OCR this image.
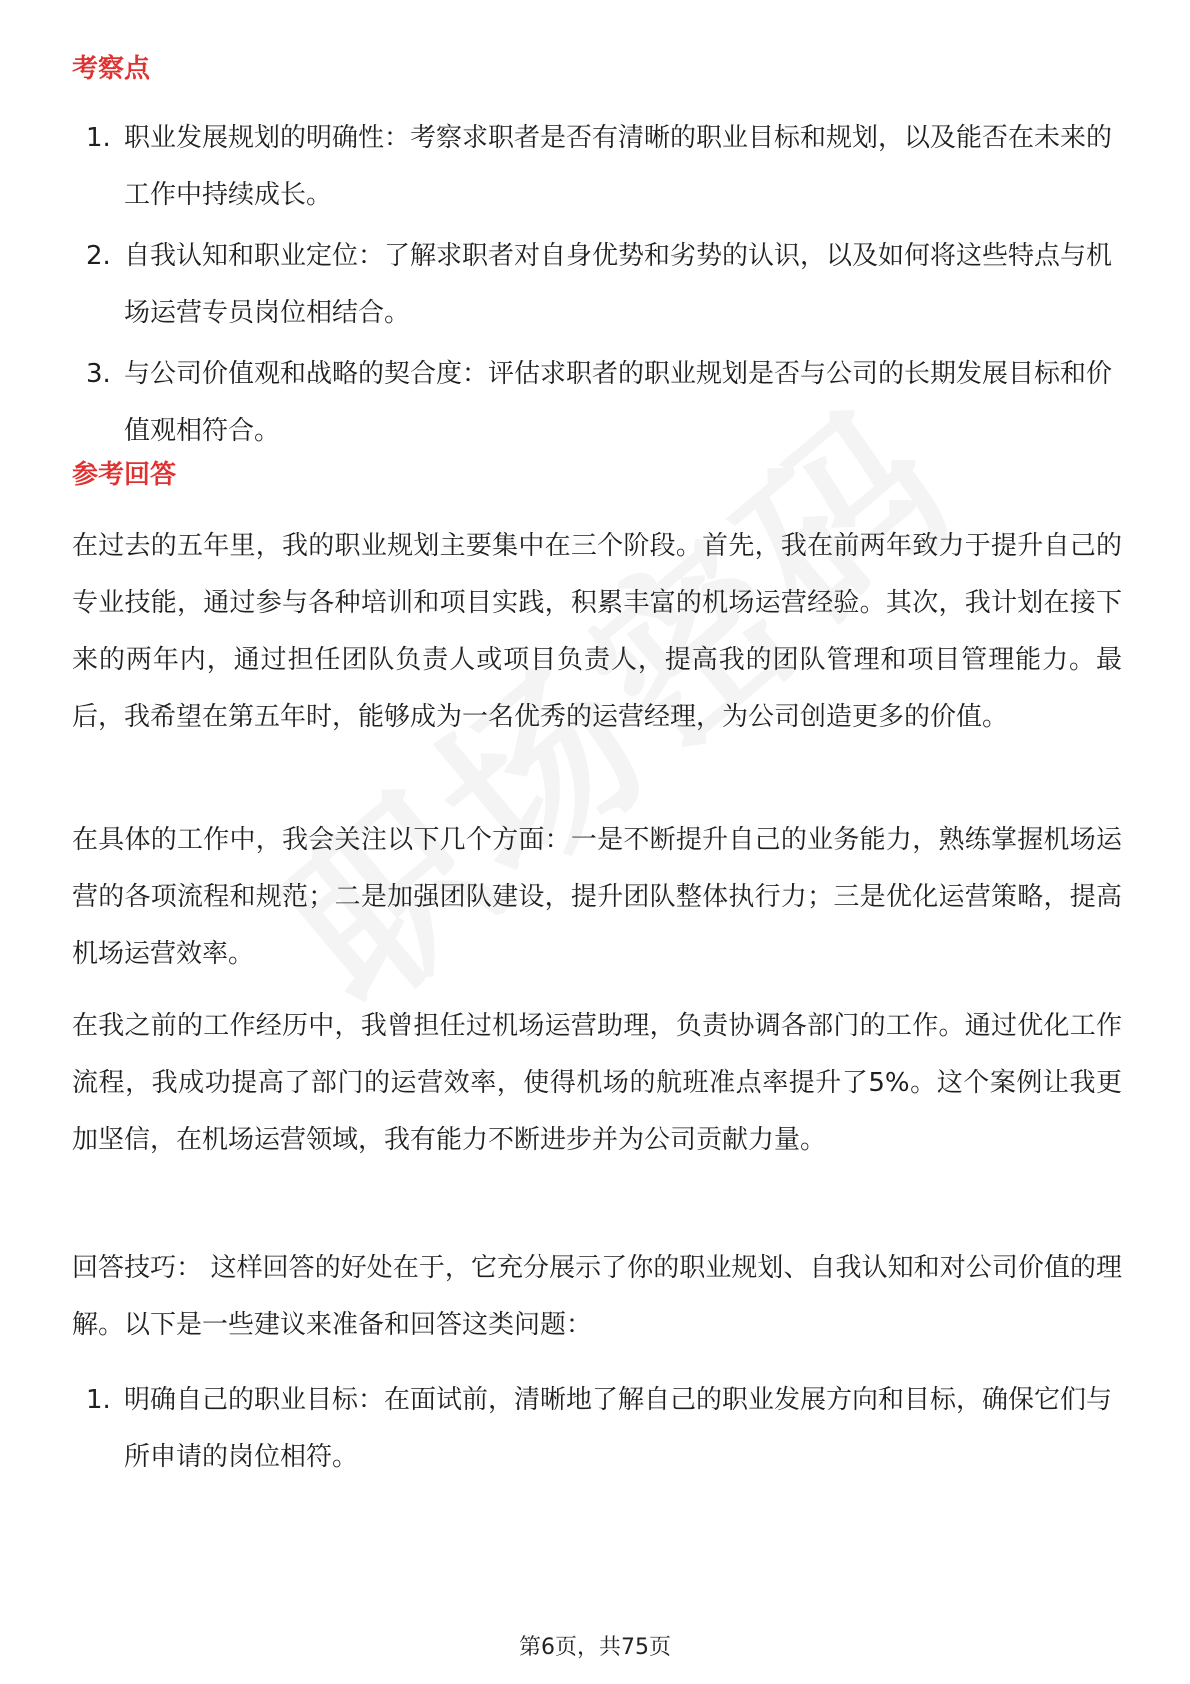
考察点
1. 职业发展规划的明确性：考察求职者是否有清晰的职业目标和规划，以及能否在未来的工作中持续成长。
2. 自我认知和职业定位：了解求职者对自身优势和劣势的认识，以及如何将这些特点与机场运营专员岗位相结合。
3. 与公司价值观和战略的契合度：评估求职者的职业规划是否与公司的长期发展目标和价值观相符合。
参考回答

在过去的五年里，我的职业规划主要集中在三个阶段。首先，我在前两年致力于提升自己的专业技能，通过参与各种培训和项目实践，积累丰富的机场运营经验。其次，我计划在接下来的两年内，通过担任团队负责人或项目负责人，提高我的团队管理和项目管理能力。最后，我希望在第五年时，能够成为一名优秀的运营经理，为公司创造更多的价值。

在具体的工作中，我会关注以下几个方面：一是不断提升自己的业务能力，熟练掌握机场运营的各项流程和规范；二是加强团队建设，提升团队整体执行力；三是优化运营策略，提高机场运营效率。

在我之前的工作经历中，我曾担任过机场运营助理，负责协调各部门的工作。通过优化工作流程，我成功提高了部门的运营效率，使得机场的航班准点率提升了5%。这个案例让我更加坚信，在机场运营领域，我有能力不断进步并为公司贡献力量。

回答技巧： 这样回答的好处在于，它充分展示了你的职业规划、自我认知和对公司价值的理解。以下是一些建议来准备和回答这类问题：

1. 明确自己的职业目标：在面试前，清晰地了解自己的职业发展方向和目标，确保它们与所申请的岗位相符。
第6页，共75页
